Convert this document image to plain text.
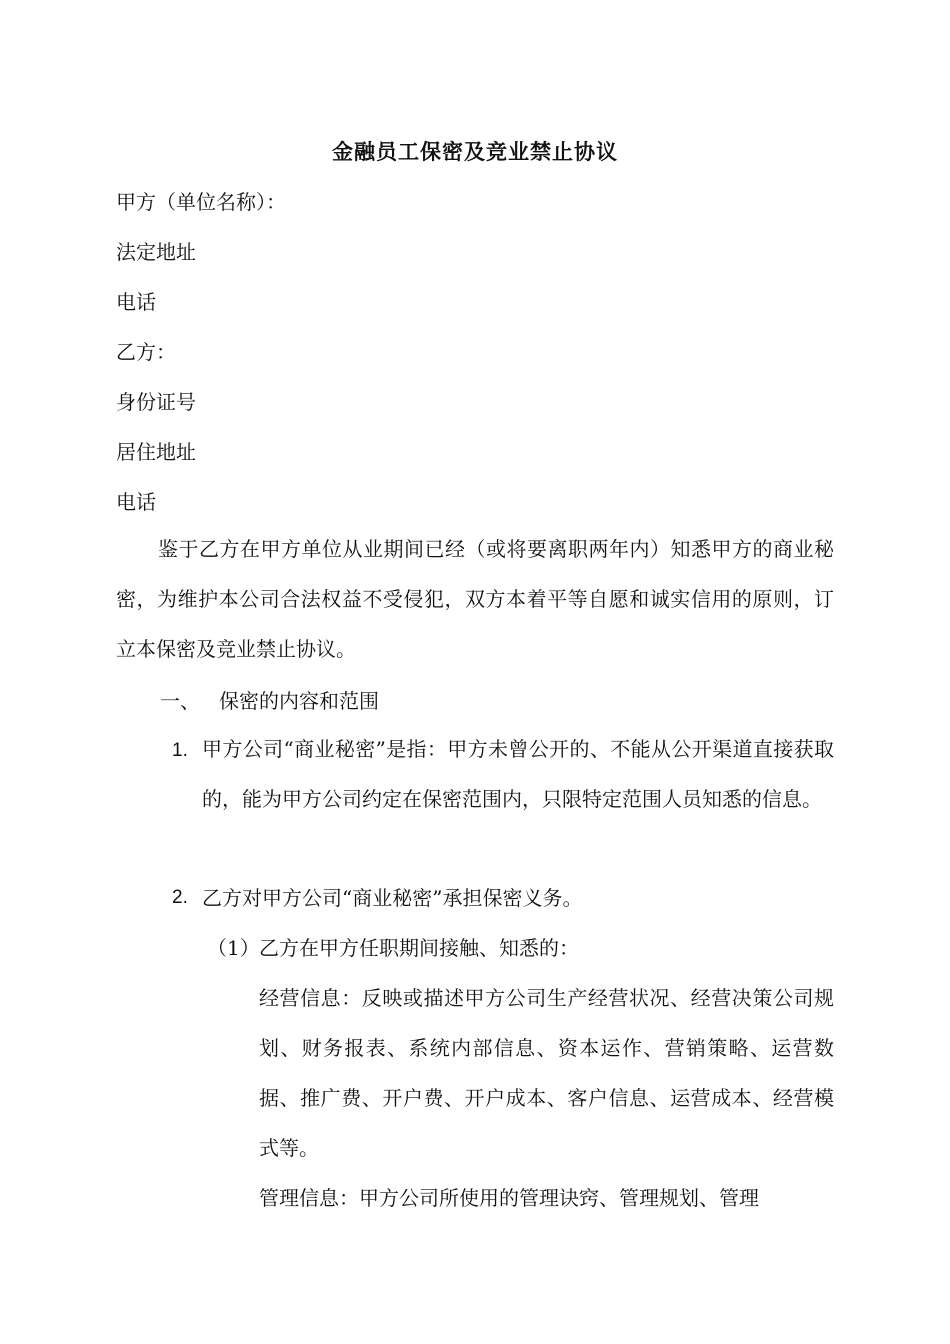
金融员工保密及竞业禁止协议
甲方（单位名称）：
法定地址
电话
乙方：
身份证号
居住地址
电话
鉴于乙方在甲方单位从业期间已经（或将要离职两年内）知悉甲方的商业秘密，为维护本公司合法权益不受侵犯，双方本着平等自愿和诚实信用的原则，订立本保密及竞业禁止协议。
一、 保密的内容和范围
1. 甲方公司“商业秘密”是指：甲方未曾公开的、不能从公开渠道直接获取的，能为甲方公司约定在保密范围内，只限特定范围人员知悉的信息。
2. 乙方对甲方公司“商业秘密”承担保密义务。
（1） 乙方在甲方任职期间接触、知悉的：
经营信息：反映或描述甲方公司生产经营状况、经营决策公司规划、财务报表、系统内部信息、资本运作、营销策略、运营数据、推广费、开户费、开户成本、客户信息、运营成本、经营模式等。
管理信息：甲方公司所使用的管理诀窍、管理规划、管理
